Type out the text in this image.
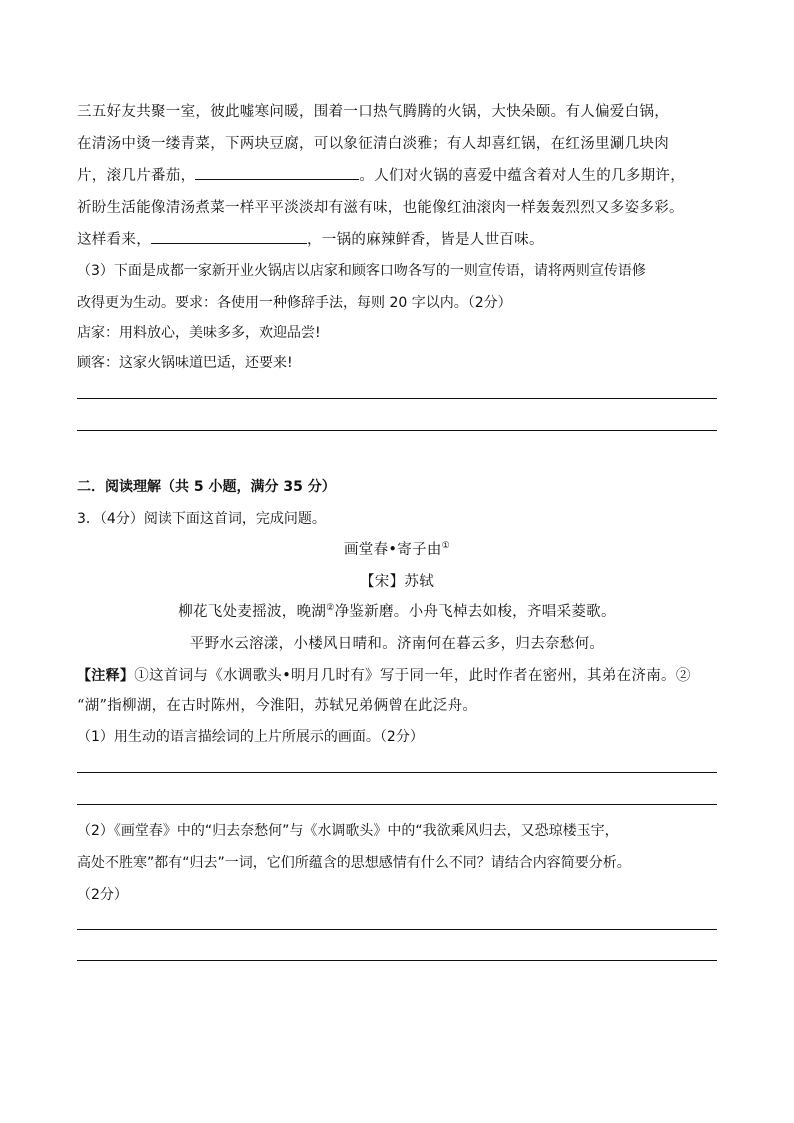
三五好友共聚一室，彼此嘘寒问暖，围着一口热气腾腾的火锅，大快朵颐。有人偏爱白锅，
在清汤中烫一缕青菜，下两块豆腐，可以象征清白淡雅；有人却喜红锅，在红汤里涮几块肉
片，滚几片番茄，	。人们对火锅的喜爱中蕴含着对人生的几多期许，
祈盼生活能像清汤煮菜一样平平淡淡却有滋有味，也能像红油滚肉一样轰轰烈烈又多姿多彩。
这样看来，	，一锅的麻辣鲜香，皆是人世百味。
（3）下面是成都一家新开业火锅店以店家和顾客口吻各写的一则宣传语，请将两则宣传语修
改得更为生动。要求：各使用一种修辞手法，每则 20 字以内。（2分）
店家：用料放心，美味多多，欢迎品尝!
顾客：这家火锅味道巴适，还要来!
二．阅读理解（共 5 小题，满分 35 分）
3．（4分）阅读下面这首词，完成问题。
画堂春•寄子由①
【宋】苏轼
柳花飞处麦摇波，晚湖②净鉴新磨。小舟飞棹去如梭，齐唱采菱歌。
平野水云溶漾，小楼风日晴和。济南何在暮云多，归去奈愁何。
【注释】①这首词与《水调歌头•明月几时有》写于同一年，此时作者在密州，其弟在济南。②
“湖”指柳湖，在古时陈州，今淮阳，苏轼兄弟俩曾在此泛舟。
（1）用生动的语言描绘词的上片所展示的画面。（2分）
（2）《画堂春》中的“归去奈愁何”与《水调歌头》中的“我欲乘风归去，又恐琼楼玉宇，
高处不胜寒”都有“归去”一词，它们所蕴含的思想感情有什么不同？请结合内容简要分析。
（2分）
